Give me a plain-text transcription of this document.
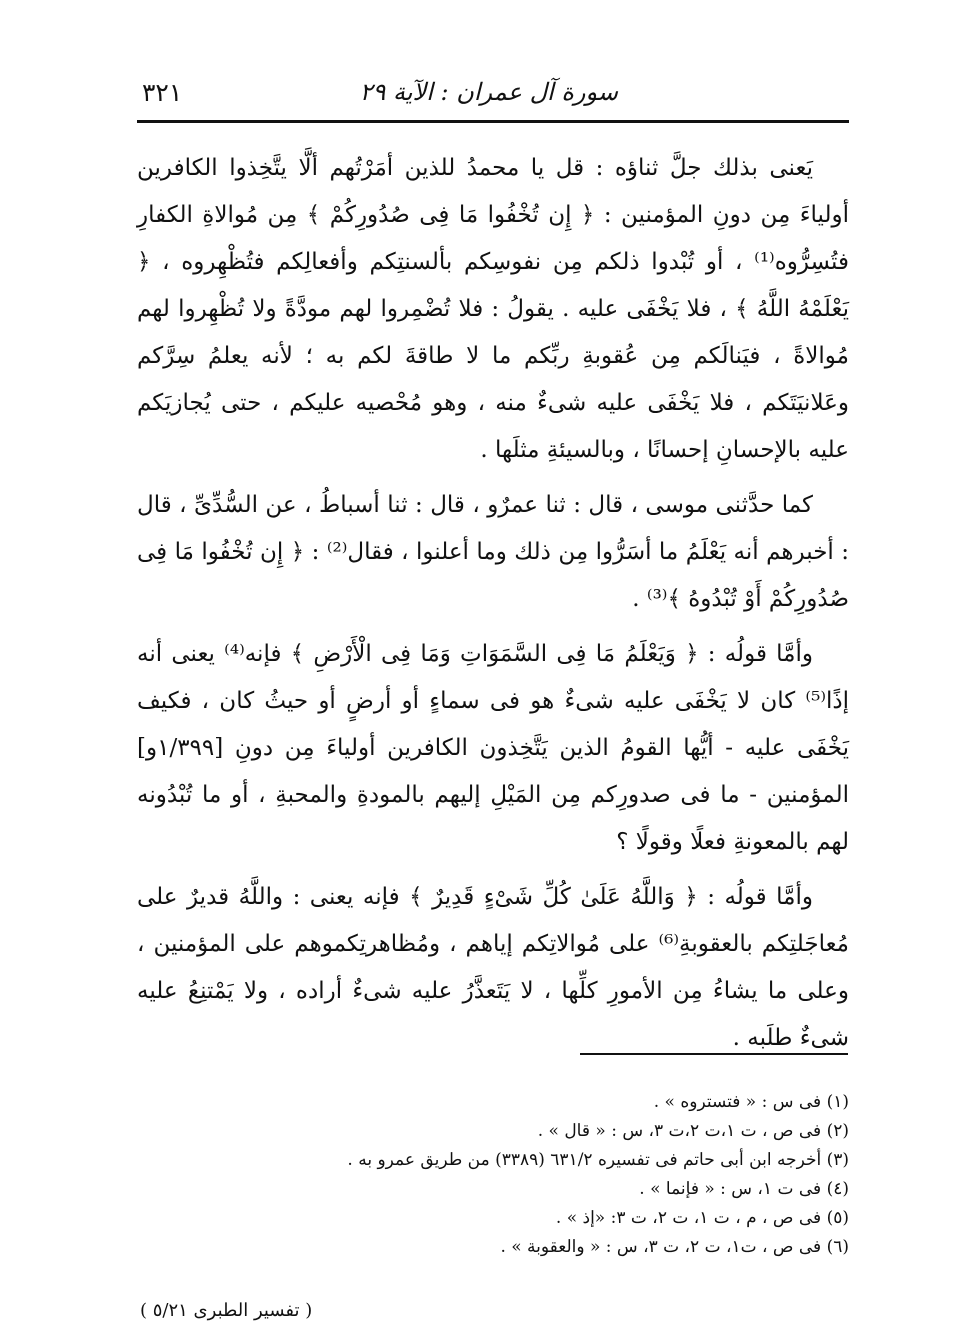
سورة آل عمران : الآية ٢٩
٣٢١

يَعنى بذلك جلَّ ثناؤه : قل يا محمدُ للذين أمَرْتُهم ألَّا يتَّخِذوا الكافرين أولياءَ مِن دونِ المؤمنين : ﴿ إِن تُخْفُوا مَا فِى صُدُورِكُمْ ﴾ مِن مُوالاةِ الكفارِ فتُسِرُّوه⁽¹⁾ ، أو تُبْدوا ذلكم مِن نفوسِكم بألسنتِكم وأفعالِكم فتُظْهِروه ، ﴿ يَعْلَمْهُ اللَّهُ ﴾ ، فلا يَخْفَى عليه . يقولُ : فلا تُضْمِروا لهم مودَّةً ولا تُظْهِروا لهم مُوالاةً ، فيَنالَكم مِن عُقوبةِ ربِّكم ما لا طاقةَ لكم به ؛ لأنه يعلمُ سِرَّكم وعَلانيَتَكم ، فلا يَخْفَى عليه شىءٌ منه ، وهو مُحْصيه عليكم ، حتى يُجازيَكم عليه بالإحسانِ إحسانًا ، وبالسيئةِ مثلَها .

كما حدَّثنى موسى ، قال : ثنا عمرٌو ، قال : ثنا أسباطُ ، عن السُّدِّىِّ ، قال : أخبرهم أنه يَعْلَمُ ما أسَرُّوا مِن ذلك وما أعلنوا ، فقال⁽²⁾ : ﴿ إِن تُخْفُوا مَا فِى صُدُورِكُمْ أَوْ تُبْدُوهُ ﴾⁽³⁾ .

وأمَّا قولُه : ﴿ وَيَعْلَمُ مَا فِى السَّمَوَاتِ وَمَا فِى الْأَرْضِ ﴾ فإنه⁽⁴⁾ يعنى أنه إذًا⁽⁵⁾ كان لا يَخْفَى عليه شىءٌ هو فى سماءٍ أو أرضٍ أو حيثُ كان ، فكيف يَخْفَى عليه - أيُّها القومُ الذين يَتَّخِذون الكافرين أولياءَ مِن دونِ [١/٣٩٩و] المؤمنين - ما فى صدورِكم مِن المَيْلِ إليهم بالمودةِ والمحبةِ ، أو ما تُبْدُونه لهم بالمعونةِ فعلًا وقولًا ؟

وأمَّا قولُه : ﴿ وَاللَّهُ عَلَىٰ كُلِّ شَىْءٍ قَدِيرٌ ﴾ فإنه يعنى : واللَّهُ قديرٌ على مُعاجَلتِكم بالعقوبةِ⁽⁶⁾ على مُوالاتِكم إياهم ، ومُظاهرتِكموهم على المؤمنين ، وعلى ما يشاءُ مِن الأمورِ كلِّها ، لا يَتَعذَّرُ عليه شىءٌ أراده ، ولا يَمْتنِعُ عليه شىءٌ طلَبه .

(١) فى س : « فتستروه » .
(٢) فى ص ، ت ١،ت ٢،ت ٣، س : « قال » .
(٣) أخرجه ابن أبى حاتم فى تفسيره ٦٣١/٢ (٣٣٨٩) من طريق عمرو به .
(٤) فى ت ١، س : « فإنما » .
(٥) فى ص ، م ، ت ١، ت ٢، ت ٣: «إذ » .
(٦) فى ص ، ت١، ت ٢، ت ٣، س : « والعقوبة » .
( تفسير الطبرى ٥/٢١ )
